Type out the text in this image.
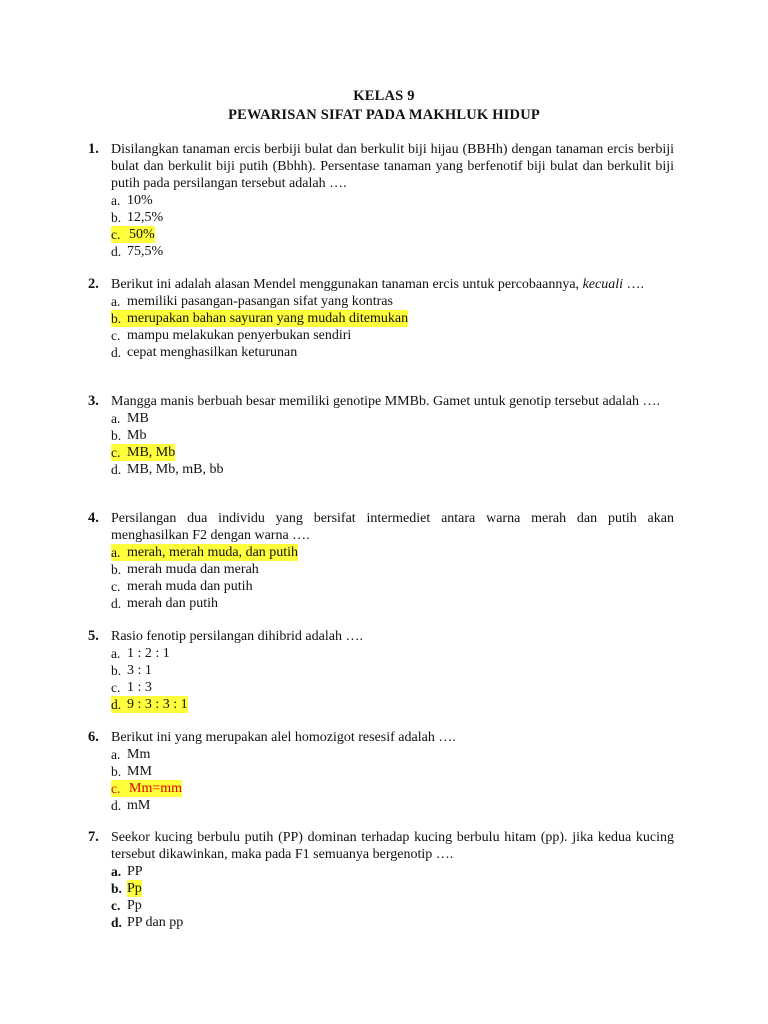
KELAS 9
PEWARISAN SIFAT PADA MAKHLUK HIDUP
1. Disilangkan tanaman ercis berbiji bulat dan berkulit biji hijau (BBHh) dengan tanaman ercis berbiji bulat dan berkulit biji putih (Bbhh). Persentase tanaman yang berfenotif biji bulat dan berkulit biji putih pada persilangan tersebut adalah ….
a. 10%
b. 12,5%
c. 50%
d. 75,5%
2. Berikut ini adalah alasan Mendel menggunakan tanaman ercis untuk percobaannya, kecuali ….
a. memiliki pasangan-pasangan sifat yang kontras
b. merupakan bahan sayuran yang mudah ditemukan
c. mampu melakukan penyerbukan sendiri
d. cepat menghasilkan keturunan
3. Mangga manis berbuah besar memiliki genotipe MMBb. Gamet untuk genotip tersebut adalah ….
a. MB
b. Mb
c. MB, Mb
d. MB, Mb, mB, bb
4. Persilangan dua individu yang bersifat intermediet antara warna merah dan putih akan menghasilkan F2 dengan warna ….
a. merah, merah muda, dan putih
b. merah muda dan merah
c. merah muda dan putih
d. merah dan putih
5. Rasio fenotip persilangan dihibrid adalah ….
a. 1 : 2 : 1
b. 3 : 1
c. 1 : 3
d. 9 : 3 : 3 : 1
6. Berikut ini yang merupakan alel homozigot resesif adalah ….
a. Mm
b. MM
c. Mm=mm
d. mM
7. Seekor kucing berbulu putih (PP) dominan terhadap kucing berbulu hitam (pp). jika kedua kucing tersebut dikawinkan, maka pada F1 semuanya bergenotip ….
a. PP
b. Pp
c. Pp
d. PP dan pp
